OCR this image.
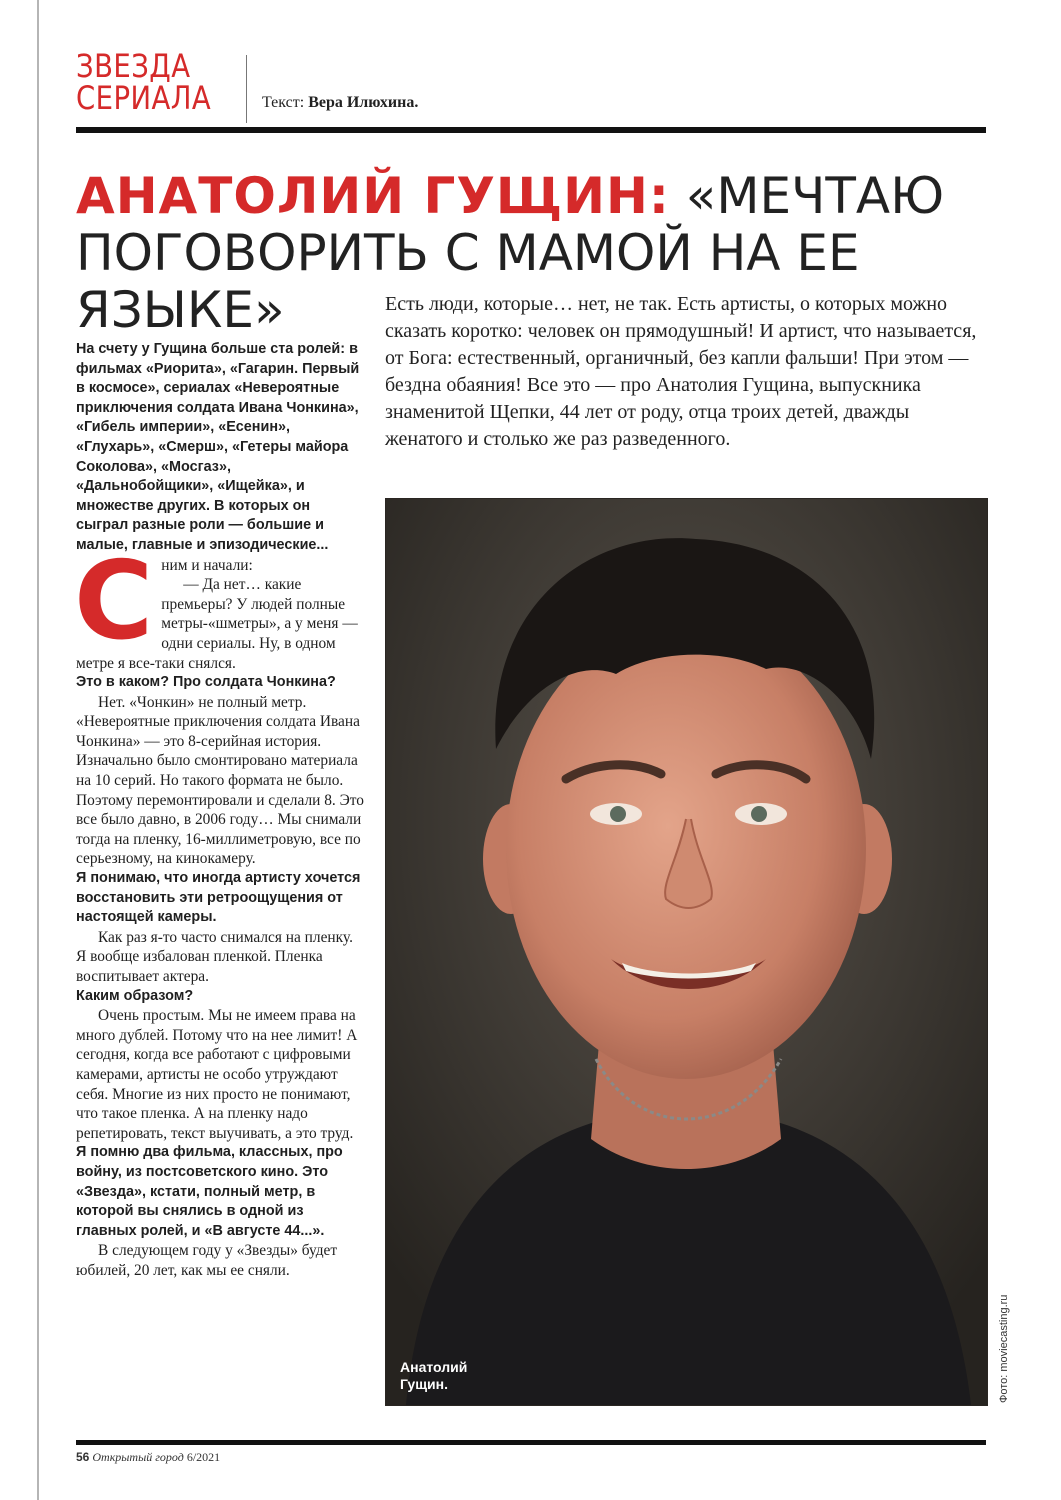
ЗВЕЗДА
СЕРИАЛА	Текст: Вера Илюхина.
АНАТОЛИЙ ГУЩИН: «МЕЧТАЮ ПОГОВОРИТЬ С МАМОЙ НА ЕЕ ЯЗЫКЕ»	Есть люди, которые… нет, не так. Есть артисты, о которых можно сказать коротко: человек он прямодушный! И артист, что называется, от Бога: естественный, органичный, без капли фальши! При этом — бездна обаяния! Все это — про Анатолия Гущина, выпускника знаменитой Щепки, 44 лет от роду, отца троих детей, дважды женатого и столько же раз разведенного.
Анатолий
Гущин.	Фото: moviecasting.ru

На счету у Гущина больше ста ролей: в фильмах «Риорита», «Гагарин. Первый в космосе», сериалах «Невероятные приключения солдата Ивана Чонкина», «Гибель империи», «Есенин», «Глухарь», «Смерш», «Гетеры майора Соколова», «Мосгаз», «Дальнобойщики», «Ищейка», и множестве других. В которых он сыграл разные роли — большие и малые, главные и эпизодические...

С ним и начали:

— Да нет… какие премьеры? У людей полные метры-«шметры», а у меня — одни сериалы. Ну, в одном метре я все-таки снялся.

Это в каком? Про солдата Чонкина?

Нет. «Чонкин» не полный метр. «Невероятные приключения солдата Ивана Чонкина» — это 8-серийная история. Изначально было смонтировано материала на 10 серий. Но такого формата не было. Поэтому перемонтировали и сделали 8. Это все было давно, в 2006 году… Мы снимали тогда на пленку, 16-миллиметровую, все по серьезному, на кинокамеру.

Я понимаю, что иногда артисту хочется восстановить эти ретроощущения от настоящей камеры.

Как раз я-то часто снимался на пленку. Я вообще избалован пленкой. Пленка воспитывает актера.

Каким образом?

Очень простым. Мы не имеем права на много дублей. Потому что на нее лимит! А сегодня, когда все работают с цифровыми камерами, артисты не особо утруждают себя. Многие из них просто не понимают, что такое пленка. А на пленку надо репетировать, текст выучивать, а это труд.

Я помню два фильма, классных, про войну, из постсоветского кино. Это «Звезда», кстати, полный метр, в которой вы снялись в одной из главных ролей, и «В августе 44...».

В следующем году у «Звезды» будет юбилей, 20 лет, как мы ее сняли.

56 Открытый город 6/2021
